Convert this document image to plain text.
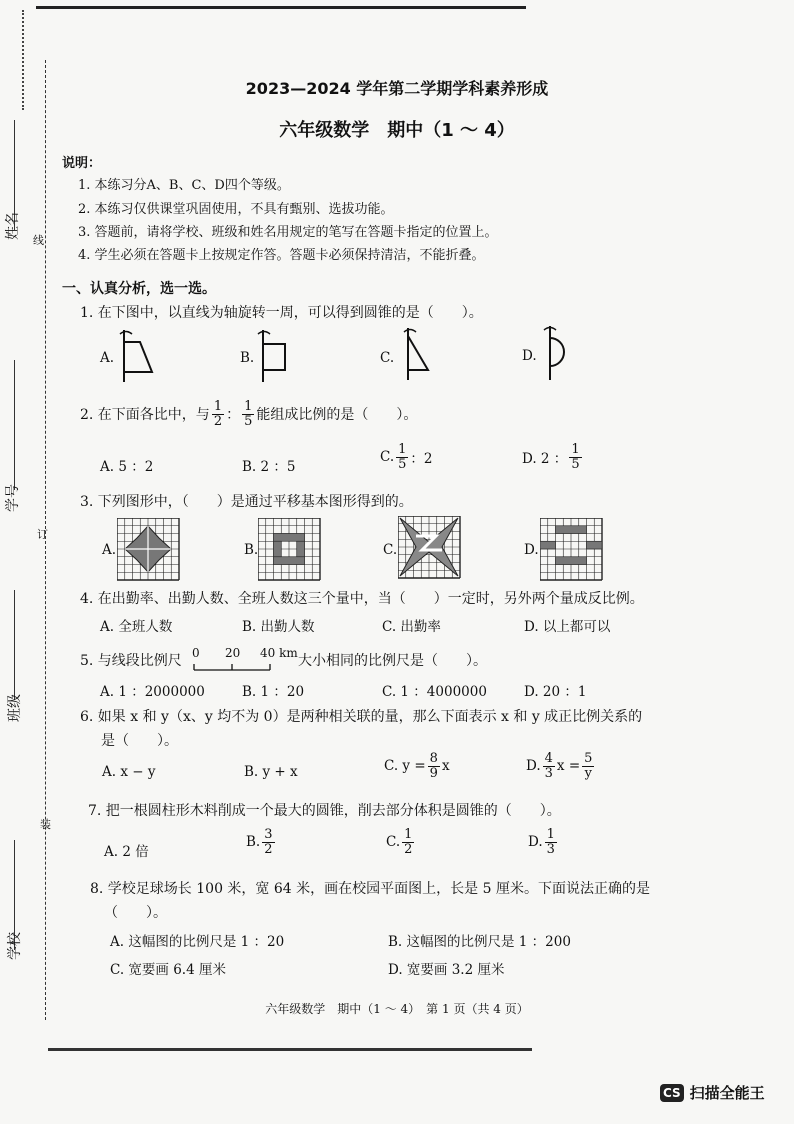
姓名
学号
班级
学校
线
订
装
2023—2024 学年第二学期学科素养形成
六年级数学　期中（1 ～ 4）
说明：
1. 本练习分A、B、C、D四个等级。
2. 本练习仅供课堂巩固使用，不具有甄别、选拔功能。
3. 答题前，请将学校、班级和姓名用规定的笔写在答题卡指定的位置上。
4. 学生必须在答题卡上按规定作答。答题卡必须保持清洁，不能折叠。
一、认真分析，选一选。
1. 在下图中，以直线为轴旋转一周，可以得到圆锥的是（　　）。
A.	B.	C.	D.
2. 在下面各比中，与 $\frac{1}{2}$ ： $\frac{1}{5}$ 能组成比例的是（　　）。
A. 5 ：2	B. 2 ：5
C. $\frac{1}{5}$ ：2	D. 2 ： $\frac{1}{5}$
3. 下列图形中，（　　）是通过平移基本图形得到的。
A.	B.	C.	D.
4. 在出勤率、出勤人数、全班人数这三个量中，当（　　）一定时，另外两个量成反比例。
A. 全班人数	B. 出勤人数	C. 出勤率	D. 以上都可以
5. 与线段比例尺 0 20 40 km 大小相同的比例尺是（　　）。
A. 1 ：2000000	B. 1 ：20	C. 1 ：4000000	D. 20 ：1
6. 如果 x 和 y（x、y 均不为 0）是两种相关联的量，那么下面表示 x 和 y 成正比例关系的
是（　　）。
A. x − y	B. y + x	C. $y = \frac{8}{9}$ x	D. $\frac{4}{3}$ $x = \frac{5}{y}$
7. 把一根圆柱形木料削成一个最大的圆锥，削去部分体积是圆锥的（　　）。
A. 2 倍
B. $\frac{3}{2}$	C. $\frac{1}{2}$	D. $\frac{1}{3}$
8. 学校足球场长 100 米，宽 64 米，画在校园平面图上，长是 5 厘米。下面说法正确的是
（　　）。
A. 这幅图的比例尺是 1 ：20	B. 这幅图的比例尺是 1 ：200
C. 宽要画 6.4 厘米	D. 宽要画 3.2 厘米
六年级数学　期中（1 ～ 4）　第 1 页（共 4 页）
CS 扫描全能王
